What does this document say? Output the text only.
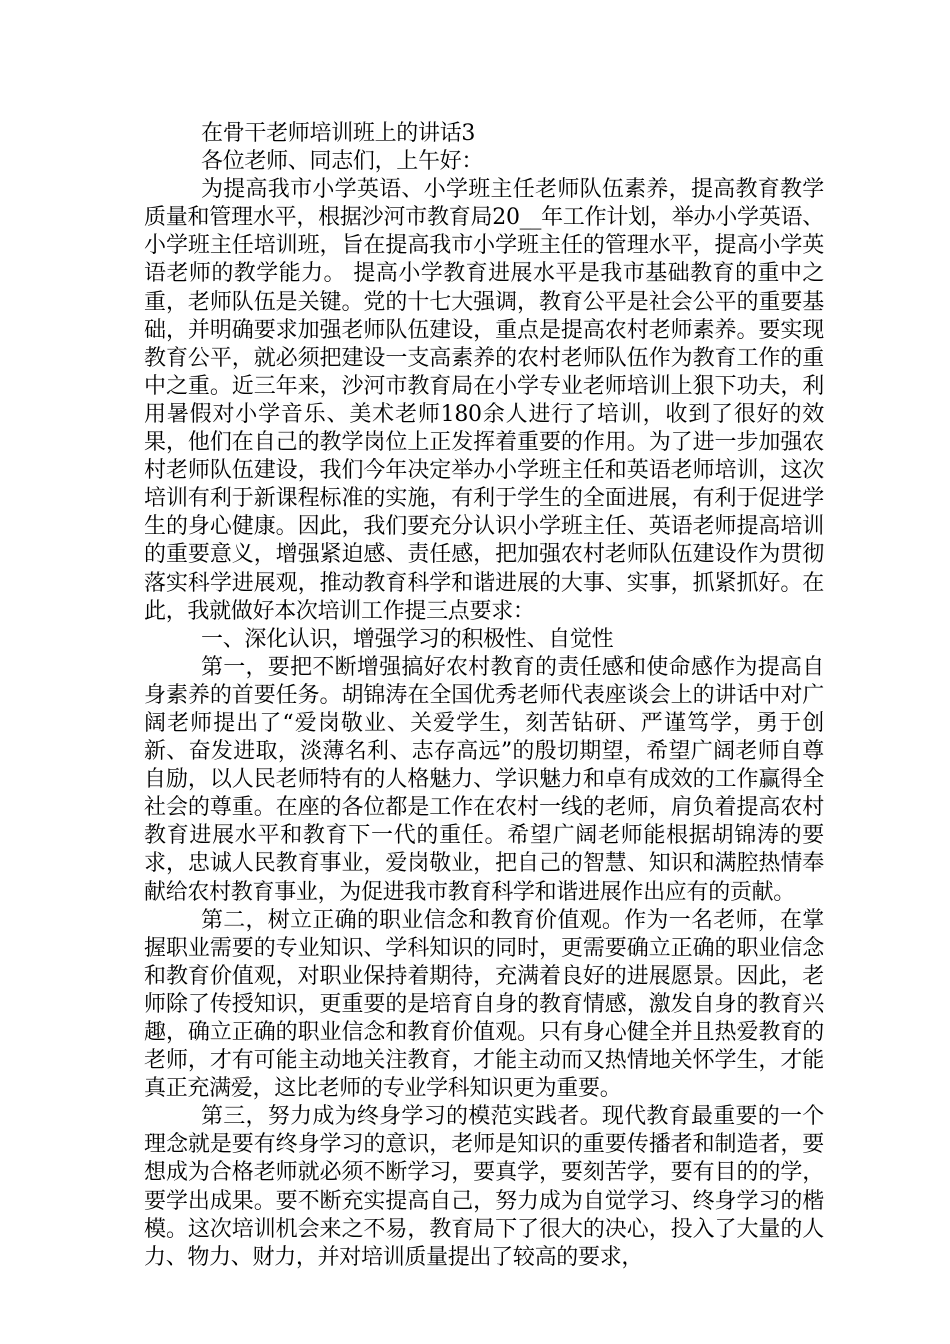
在骨干老师培训班上的讲话3

各位老师、同志们，上午好：

为提高我市小学英语、小学班主任老师队伍素养，提高教育教学质量和管理水平，根据沙河市教育局20__年工作计划，举办小学英语、小学班主任培训班，旨在提高我市小学班主任的管理水平，提高小学英语老师的教学能力。 提高小学教育进展水平是我市基础教育的重中之重，老师队伍是关键。党的十七大强调，教育公平是社会公平的重要基础，并明确要求加强老师队伍建设，重点是提高农村老师素养。要实现教育公平，就必须把建设一支高素养的农村老师队伍作为教育工作的重中之重。近三年来，沙河市教育局在小学专业老师培训上狠下功夫，利用暑假对小学音乐、美术老师180余人进行了培训，收到了很好的效果，他们在自己的教学岗位上正发挥着重要的作用。为了进一步加强农村老师队伍建设，我们今年决定举办小学班主任和英语老师培训，这次培训有利于新课程标准的实施，有利于学生的全面进展，有利于促进学生的身心健康。因此，我们要充分认识小学班主任、英语老师提高培训的重要意义，增强紧迫感、责任感，把加强农村老师队伍建设作为贯彻落实科学进展观，推动教育科学和谐进展的大事、实事，抓紧抓好。在此，我就做好本次培训工作提三点要求：

一、深化认识，增强学习的积极性、自觉性

第一，要把不断增强搞好农村教育的责任感和使命感作为提高自身素养的首要任务。胡锦涛在全国优秀老师代表座谈会上的讲话中对广阔老师提出了“爱岗敬业、关爱学生，刻苦钻研、严谨笃学，勇于创新、奋发进取，淡薄名利、志存高远”的殷切期望，希望广阔老师自尊自励，以人民老师特有的人格魅力、学识魅力和卓有成效的工作赢得全社会的尊重。在座的各位都是工作在农村一线的老师，肩负着提高农村教育进展水平和教育下一代的重任。希望广阔老师能根据胡锦涛的要求，忠诚人民教育事业，爱岗敬业，把自己的智慧、知识和满腔热情奉献给农村教育事业，为促进我市教育科学和谐进展作出应有的贡献。

第二，树立正确的职业信念和教育价值观。作为一名老师，在掌握职业需要的专业知识、学科知识的同时，更需要确立正确的职业信念和教育价值观，对职业保持着期待，充满着良好的进展愿景。因此，老师除了传授知识，更重要的是培育自身的教育情感，激发自身的教育兴趣，确立正确的职业信念和教育价值观。只有身心健全并且热爱教育的老师，才有可能主动地关注教育，才能主动而又热情地关怀学生，才能真正充满爱，这比老师的专业学科知识更为重要。

第三，努力成为终身学习的模范实践者。现代教育最重要的一个理念就是要有终身学习的意识，老师是知识的重要传播者和制造者，要想成为合格老师就必须不断学习，要真学，要刻苦学，要有目的的学，要学出成果。要不断充实提高自己，努力成为自觉学习、终身学习的楷模。这次培训机会来之不易，教育局下了很大的决心，投入了大量的人力、物力、财力，并对培训质量提出了较高的要求，
